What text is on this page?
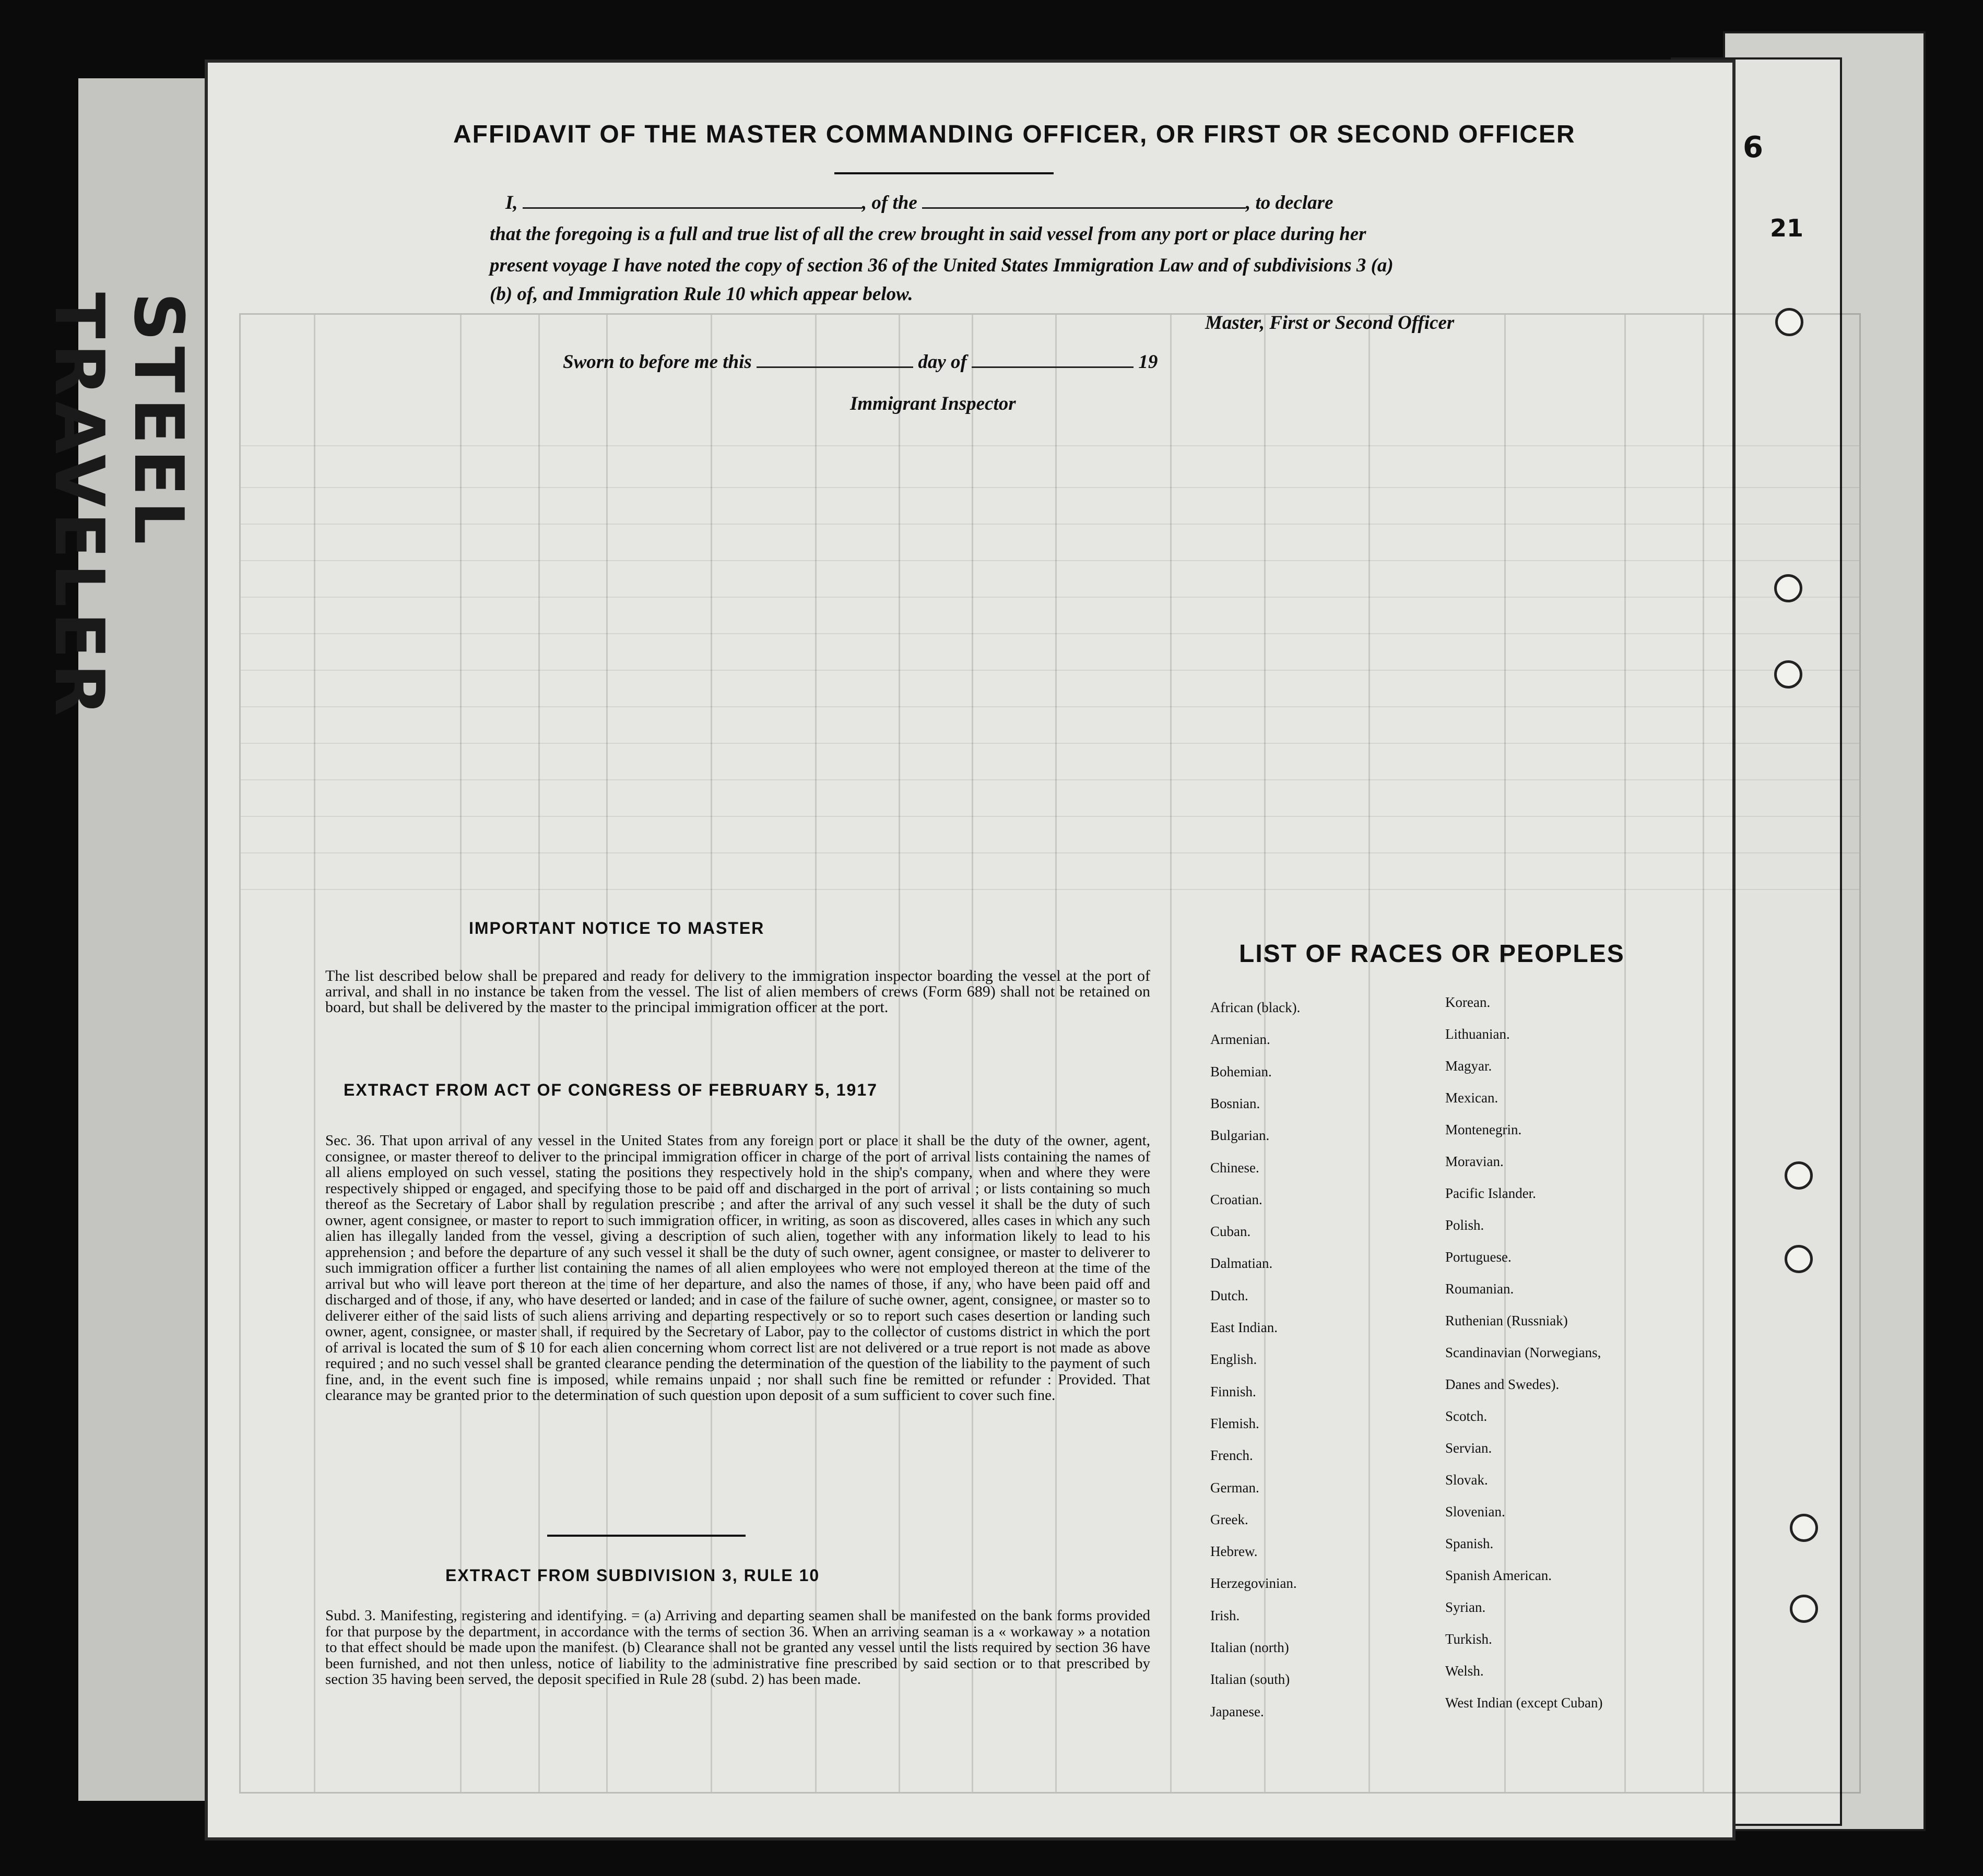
STEEL TRAVELER
AFFIDAVIT OF THE MASTER COMMANDING OFFICER, OR FIRST OR SECOND OFFICER
I,	, of the	, to declare
that the foregoing is a full and true list of all the crew brought in said vessel from any port or place during her
present voyage I have noted the copy of section 36 of the United States Immigration Law and of subdivisions 3 (a)
(b) of, and Immigration Rule 10 which appear below.
Master, First or Second Officer
Sworn to before me this	day of	19
Immigrant Inspector
IMPORTANT NOTICE TO MASTER
The list described below shall be prepared and ready for delivery to the immigration inspector boarding the vessel at the port of arrival, and shall in no instance be taken from the vessel. The list of alien members of crews (Form 689) shall not be retained on board, but shall be delivered by the master to the principal immigration officer at the port.
EXTRACT FROM ACT OF CONGRESS OF FEBRUARY 5, 1917
Sec. 36. That upon arrival of any vessel in the United States from any foreign port or place it shall be the duty of the owner, agent, consignee, or master thereof to deliver to the principal immigration officer in charge of the port of arrival lists containing the names of all aliens employed on such vessel, stating the positions they respectively hold in the ship's company, when and where they were respectively shipped or engaged, and specifying those to be paid off and discharged in the port of arrival ; or lists containing so much thereof as the Secretary of Labor shall by regulation prescribe ; and after the arrival of any such vessel it shall be the duty of such owner, agent consignee, or master to report to such immigration officer, in writing, as soon as discovered, alles cases in which any such alien has illegally landed from the vessel, giving a description of such alien, together with any information likely to lead to his apprehension ; and before the departure of any such vessel it shall be the duty of such owner, agent consignee, or master to deliverer to such immigration officer a further list containing the names of all alien employees who were not employed thereon at the time of the arrival but who will leave port thereon at the time of her departure, and also the names of those, if any, who have been paid off and discharged and of those, if any, who have deserted or landed; and in case of the failure of suche owner, agent, consignee, or master so to deliverer either of the said lists of such aliens arriving and departing respectively or so to report such cases desertion or landing such owner, agent, consignee, or master shall, if required by the Secretary of Labor, pay to the collector of customs district in which the port of arrival is located the sum of $ 10 for each alien concerning whom correct list are not delivered or a true report is not made as above required ; and no such vessel shall be granted clearance pending the determination of the question of the liability to the payment of such fine, and, in the event such fine is imposed, while remains unpaid ; nor shall such fine be remitted or refunder : Provided. That clearance may be granted prior to the determination of such question upon deposit of a sum sufficient to cover such fine.
EXTRACT FROM SUBDIVISION 3, RULE 10
Subd. 3. Manifesting, registering and identifying. = (a) Arriving and departing seamen shall be manifested on the bank forms provided for that purpose by the department, in accordance with the terms of section 36. When an arriving seaman is a « workaway » a notation to that effect should be made upon the manifest. (b) Clearance shall not be granted any vessel until the lists required by section 36 have been furnished, and not then unless, notice of liability to the administrative fine prescribed by said section or to that prescribed by section 35 having been served, the deposit specified in Rule 28 (subd. 2) has been made.
LIST OF RACES OR PEOPLES
African (black).
Armenian.
Bohemian.
Bosnian.
Bulgarian.
Chinese.
Croatian.
Cuban.
Dalmatian.
Dutch.
East Indian.
English.
Finnish.
Flemish.
French.
German.
Greek.
Hebrew.
Herzegovinian.
Irish.
Italian (north)
Italian (south)
Japanese.
Korean.
Lithuanian.
Magyar.
Mexican.
Montenegrin.
Moravian.
Pacific Islander.
Polish.
Portuguese.
Roumanian.
Ruthenian (Russniak)
Scandinavian (Norwegians,
Danes and Swedes).
Scotch.
Servian.
Slovak.
Slovenian.
Spanish.
Spanish American.
Syrian.
Turkish.
Welsh.
West Indian (except Cuban)
6
21
